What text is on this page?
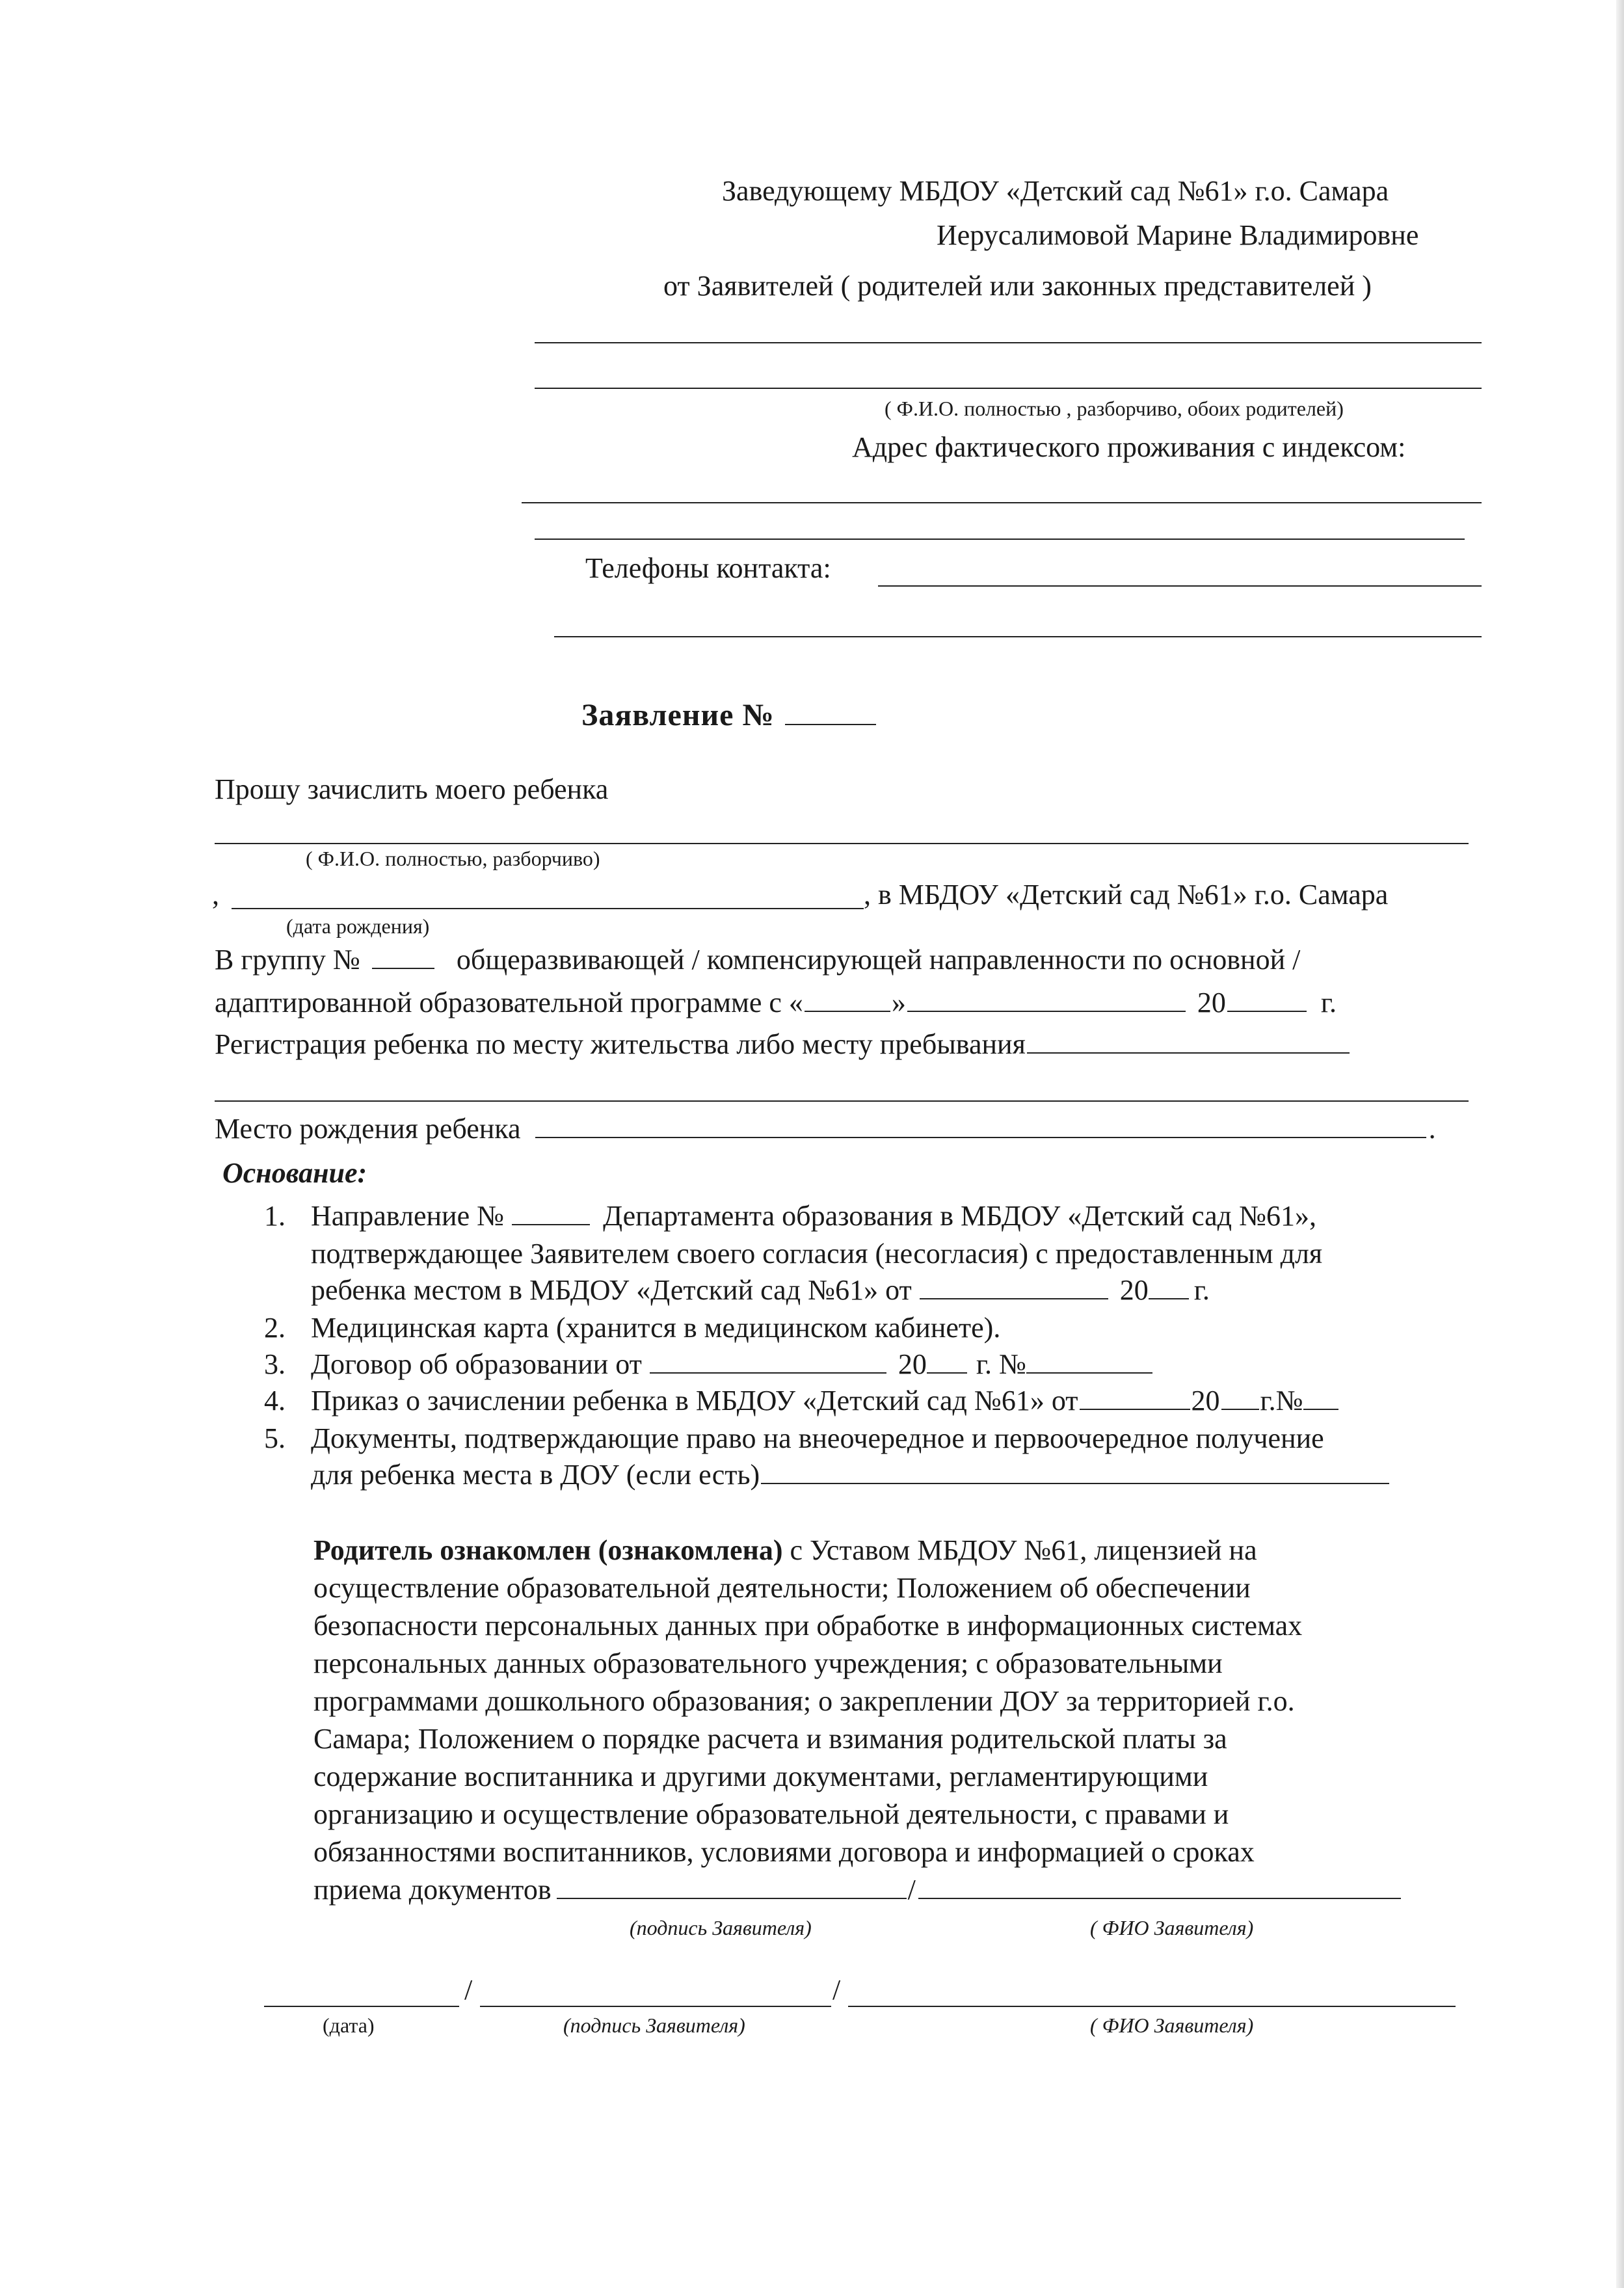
Заведующему МБДОУ «Детский сад №61» г.о. Самара
Иерусалимовой Марине Владимировне
от Заявителей ( родителей или законных представителей )
( Ф.И.О. полностью , разборчиво, обоих родителей)
Адрес фактического проживания с индексом:
Телефоны контакта:
Заявление №
Прошу зачислить моего ребенка
( Ф.И.О. полностью, разборчиво)
,	, в МБДОУ «Детский сад №61» г.о. Самара
(дата рождения)
В группу №	общеразвивающей / компенсирующей направленности по основной /
адаптированной образовательной программе с «	»	20	г.
Регистрация ребенка по месту жительства либо месту пребывания
Место рождения ребенка	.
Основание:
1. Направление №	Департамента образования в МБДОУ «Детский сад №61»,
подтверждающее Заявителем своего согласия (несогласия) с предоставленным для
ребенка местом в МБДОУ «Детский сад №61» от	20 г.
2. Медицинская карта (хранится в медицинском кабинете).
3. Договор об образовании от	20 г. №
4. Приказ о зачислении ребенка в МБДОУ «Детский сад №61» от	20 г.№
5. Документы, подтверждающие право на внеочередное и первоочередное получение
для ребенка места в ДОУ (если есть)
Родитель ознакомлен (ознакомлена) с Уставом МБДОУ №61, лицензией на
осуществление образовательной деятельности; Положением об обеспечении
безопасности персональных данных при обработке в информационных системах
персональных данных образовательного учреждения; с образовательными
программами дошкольного образования; о закреплении ДОУ за территорией г.о.
Самара; Положением о порядке расчета и взимания родительской платы за
содержание воспитанника и другими документами, регламентирующими
организацию и осуществление образовательной деятельности, с правами и
обязанностями воспитанников, условиями договора и информацией о сроках
приема документов	/
(подпись Заявителя)	( ФИО Заявителя)
/	/
(дата)	(подпись Заявителя)	( ФИО Заявителя)
